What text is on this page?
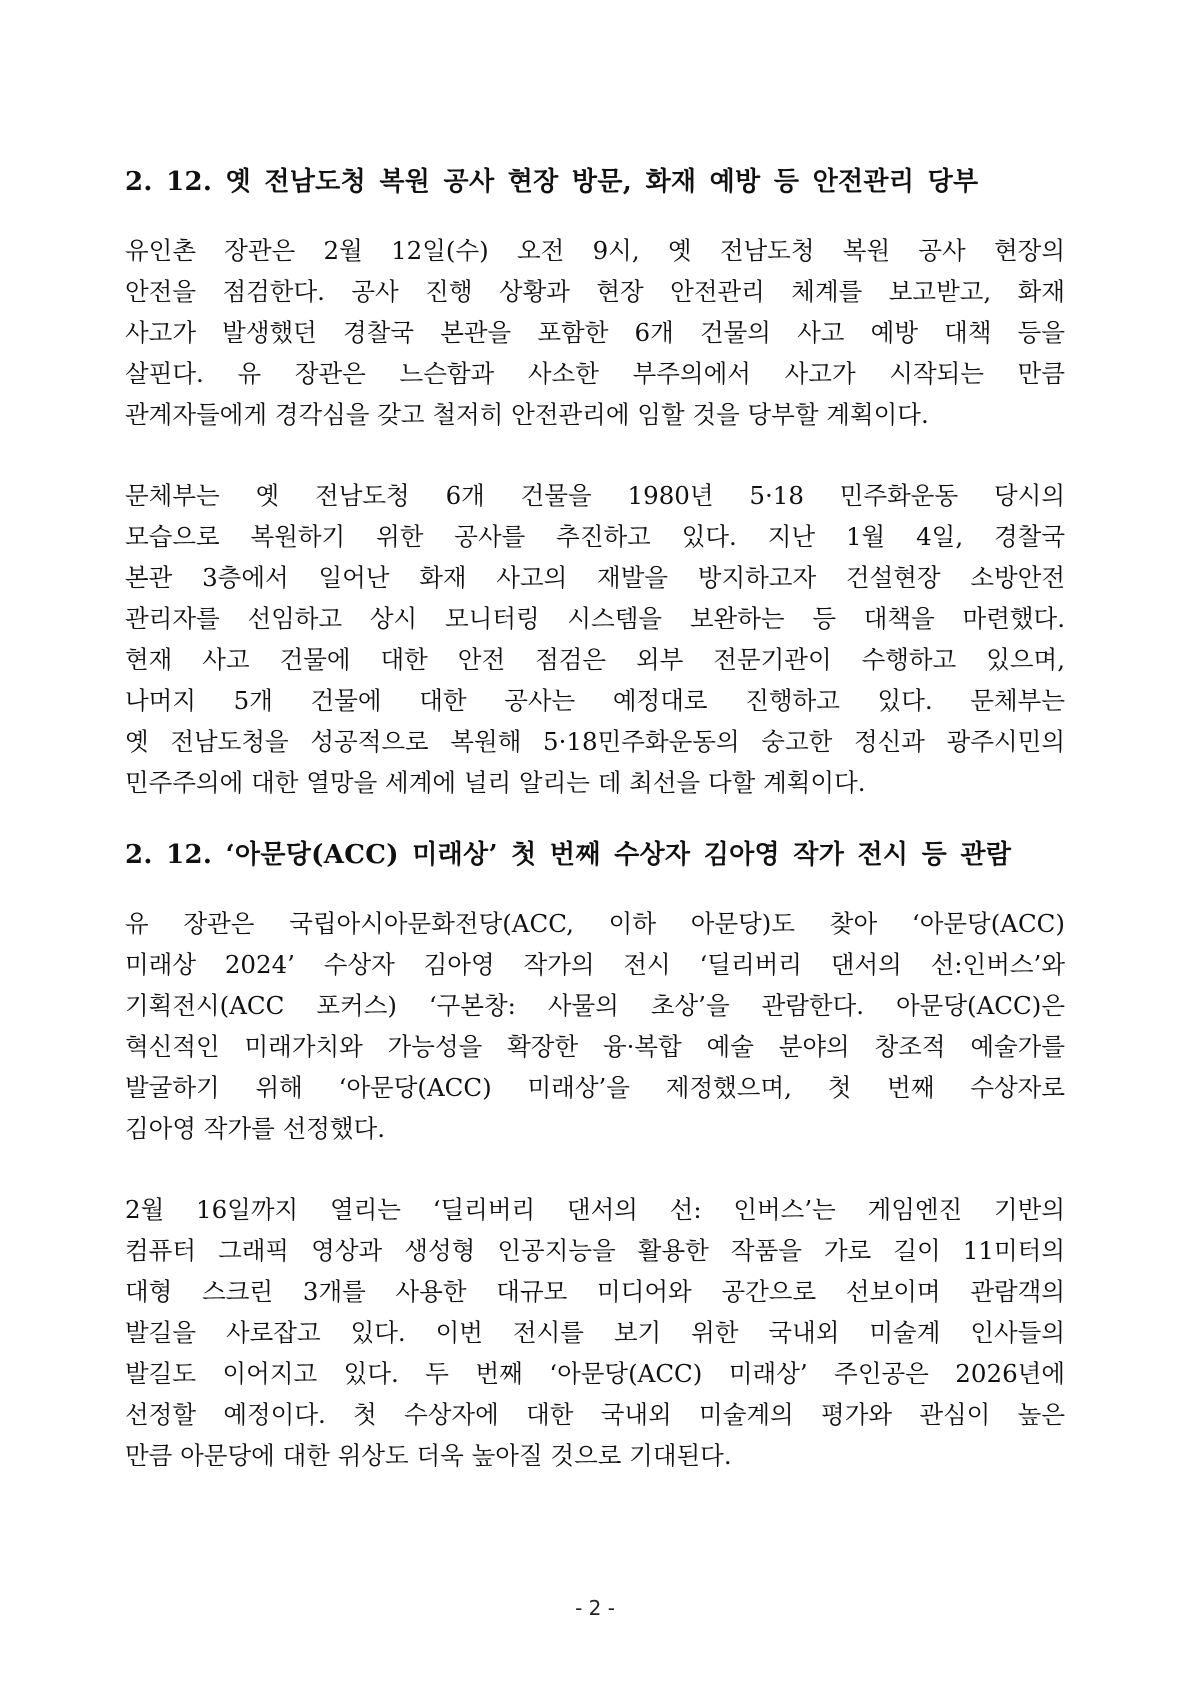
2. 12. 옛 전남도청 복원 공사 현장 방문, 화재 예방 등 안전관리 당부

유인촌 장관은 2월 12일(수) 오전 9시, 옛 전남도청 복원 공사 현장의
안전을 점검한다. 공사 진행 상황과 현장 안전관리 체계를 보고받고, 화재
사고가 발생했던 경찰국 본관을 포함한 6개 건물의 사고 예방 대책 등을
살핀다. 유 장관은 느슨함과 사소한 부주의에서 사고가 시작되는 만큼
관계자들에게 경각심을 갖고 철저히 안전관리에 임할 것을 당부할 계획이다.

문체부는 옛 전남도청 6개 건물을 1980년 5·18 민주화운동 당시의
모습으로 복원하기 위한 공사를 추진하고 있다. 지난 1월 4일, 경찰국
본관 3층에서 일어난 화재 사고의 재발을 방지하고자 건설현장 소방안전
관리자를 선임하고 상시 모니터링 시스템을 보완하는 등 대책을 마련했다.
현재 사고 건물에 대한 안전 점검은 외부 전문기관이 수행하고 있으며,
나머지 5개 건물에 대한 공사는 예정대로 진행하고 있다. 문체부는
옛 전남도청을 성공적으로 복원해 5·18민주화운동의 숭고한 정신과 광주시민의
민주주의에 대한 열망을 세계에 널리 알리는 데 최선을 다할 계획이다.

2. 12. ‘아문당(ACC) 미래상’ 첫 번째 수상자 김아영 작가 전시 등 관람

유 장관은 국립아시아문화전당(ACC, 이하 아문당)도 찾아 ‘아문당(ACC)
미래상 2024’ 수상자 김아영 작가의 전시 ‘딜리버리 댄서의 선:인버스’와
기획전시(ACC 포커스) ‘구본창: 사물의 초상’을 관람한다. 아문당(ACC)은
혁신적인 미래가치와 가능성을 확장한 융·복합 예술 분야의 창조적 예술가를
발굴하기 위해 ‘아문당(ACC) 미래상’을 제정했으며, 첫 번째 수상자로
김아영 작가를 선정했다.

2월 16일까지 열리는 ‘딜리버리 댄서의 선: 인버스’는 게임엔진 기반의
컴퓨터 그래픽 영상과 생성형 인공지능을 활용한 작품을 가로 길이 11미터의
대형 스크린 3개를 사용한 대규모 미디어와 공간으로 선보이며 관람객의
발길을 사로잡고 있다. 이번 전시를 보기 위한 국내외 미술계 인사들의
발길도 이어지고 있다. 두 번째 ‘아문당(ACC) 미래상’ 주인공은 2026년에
선정할 예정이다. 첫 수상자에 대한 국내외 미술계의 평가와 관심이 높은
만큼 아문당에 대한 위상도 더욱 높아질 것으로 기대된다.

- 2 -
